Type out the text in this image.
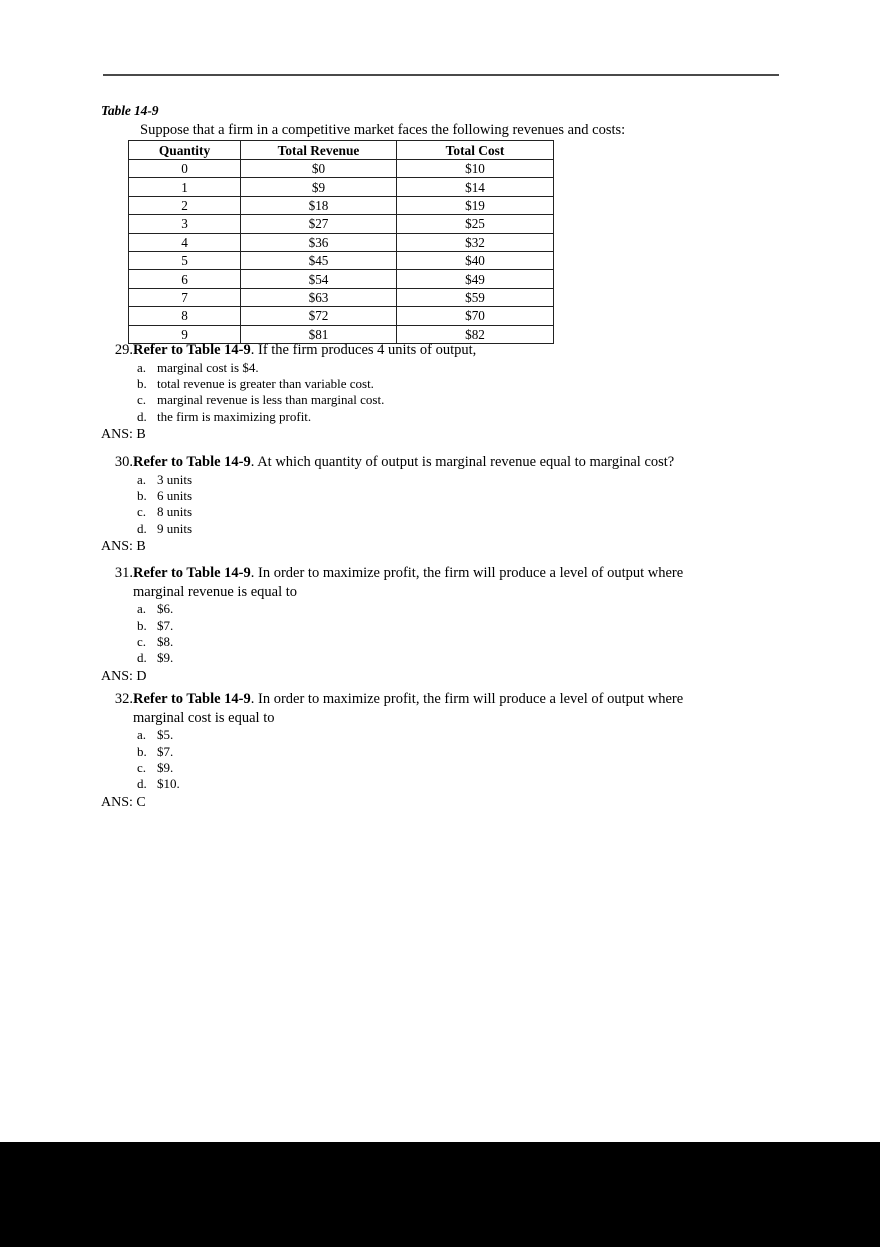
Table 14-9
Suppose that a firm in a competitive market faces the following revenues and costs:
Quantity	Total Revenue	Total Cost
0	$0	$10
1	$9	$14
2	$18	$19
3	$27	$25
4	$36	$32
5	$45	$40
6	$54	$49
7	$63	$59
8	$72	$70
9	$81	$82
29. Refer to Table 14-9. If the firm produces 4 units of output,
a. marginal cost is $4.
b. total revenue is greater than variable cost.
c. marginal revenue is less than marginal cost.
d. the firm is maximizing profit.
ANS: B
30. Refer to Table 14-9. At which quantity of output is marginal revenue equal to marginal cost?
a. 3 units
b. 6 units
c. 8 units
d. 9 units
ANS: B
31. Refer to Table 14-9. In order to maximize profit, the firm will produce a level of output where
marginal revenue is equal to
a. $6.
b. $7.
c. $8.
d. $9.
ANS: D
32. Refer to Table 14-9. In order to maximize profit, the firm will produce a level of output where
marginal cost is equal to
a. $5.
b. $7.
c. $9.
d. $10.
ANS: C
